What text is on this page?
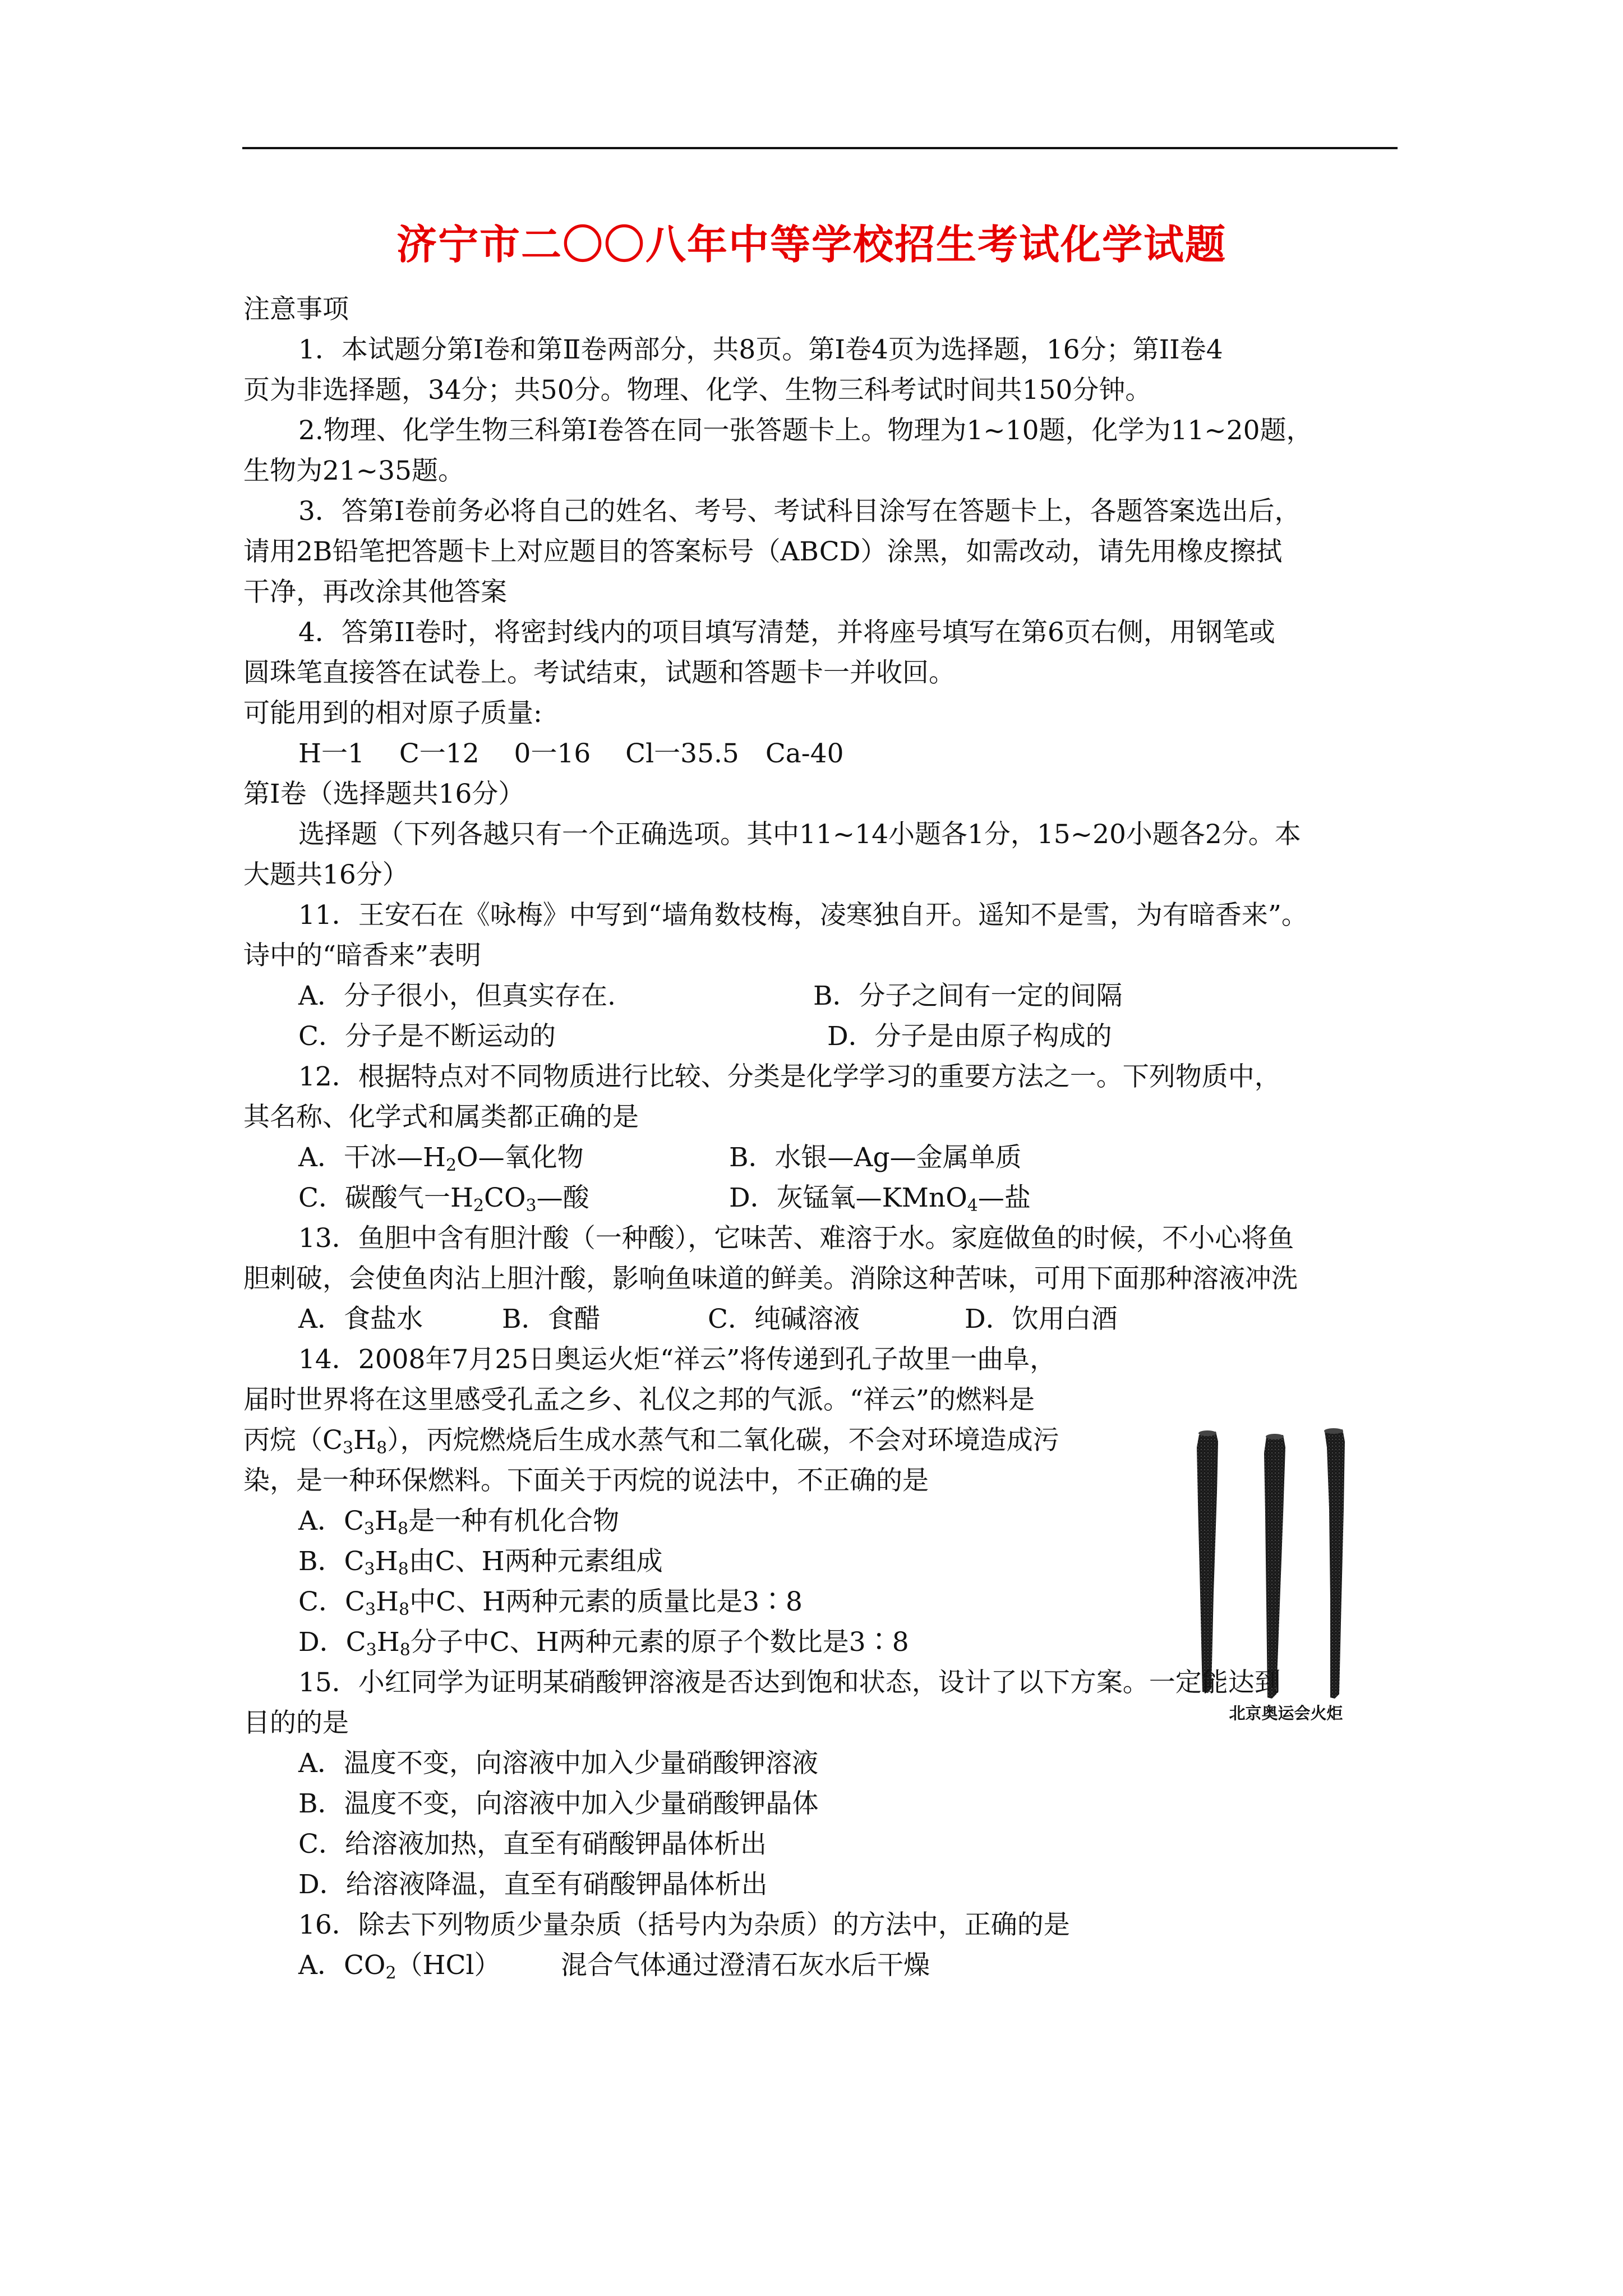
济宁市二〇〇八年中等学校招生考试化学试题
注意事项
1．本试题分第Ⅰ卷和第Ⅱ卷两部分，共8页。第Ⅰ卷4页为选择题，16分；第II卷4
页为非选择题，34分；共50分。物理、化学、生物三科考试时间共150分钟。
2.物理、化学生物三科第Ⅰ卷答在同一张答题卡上。物理为1~10题，化学为11~20题，
生物为21~35题。
3．答第Ⅰ卷前务必将自己的姓名、考号、考试科目涂写在答题卡上，各题答案选出后，
请用2B铅笔把答题卡上对应题目的答案标号（ABCD）涂黑，如需改动，请先用橡皮擦拭
干净，再改涂其他答案
4．答第II卷时，将密封线内的项目填写清楚，并将座号填写在第6页右侧，用钢笔或
圆珠笔直接答在试卷上。考试结束，试题和答题卡一并收回。
可能用到的相对原子质量:
H一1　 C一12　 0一16　 Cl一35.5　Ca-40
第Ⅰ卷（选择题共16分）
选择题（下列各越只有一个正确选项。其中11~14小题各1分，15~20小题各2分。本
大题共16分）
11．王安石在《咏梅》中写到“墙角数枝梅，凌寒独自开。遥知不是雪，为有暗香来”。
诗中的“暗香来”表明
A．分子很小，但真实存在.	B．分子之间有一定的间隔
C．分子是不断运动的	D．分子是由原子构成的
12．根据特点对不同物质进行比较、分类是化学学习的重要方法之一。下列物质中，
其名称、化学式和属类都正确的是
A．干冰$—H_2O—$氧化物	B．水银—Ag—金属单质
C．碳酸气一$H_2CO_3—$酸	D．灰锰氧—KMnO$_4$—盐
13．鱼胆中含有胆汁酸（一种酸），它味苦、难溶于水。家庭做鱼的时候，不小心将鱼
胆刺破，会使鱼肉沾上胆汁酸，影响鱼味道的鲜美。消除这种苦味，可用下面那种溶液冲洗
A．食盐水	B．食醋	C．纯碱溶液	D．饮用白酒
14．2008年7月25日奥运火炬“祥云”将传递到孔子故里一曲阜，
届时世界将在这里感受孔孟之乡、礼仪之邦的气派。“祥云”的燃料是
丙烷$(C_3H_8)$，丙烷燃烧后生成水蒸气和二氧化碳，不会对环境造成污
染，是一种环保燃料。下面关于丙烷的说法中，不正确的是
A．$C_3H_8$是一种有机化合物
B．$C_3H_8$由C、H两种元素组成
C．$C_3H_8$中C、H两种元素的质量比是3∶8
D．$C_3H_8$分子中C、H两种元素的原子个数比是3∶8
北京奥运会火炬
15．小红同学为证明某硝酸钾溶液是否达到饱和状态，设计了以下方案。一定能达到
目的的是
A．温度不变，向溶液中加入少量硝酸钾溶液
B．温度不变，向溶液中加入少量硝酸钾晶体
C．给溶液加热，直至有硝酸钾晶体析出
D．给溶液降温，直至有硝酸钾晶体析出
16．除去下列物质少量杂质（括号内为杂质）的方法中，正确的是
A．$CO_2(HCl)$ 混合气体通过澄清石灰水后干燥
